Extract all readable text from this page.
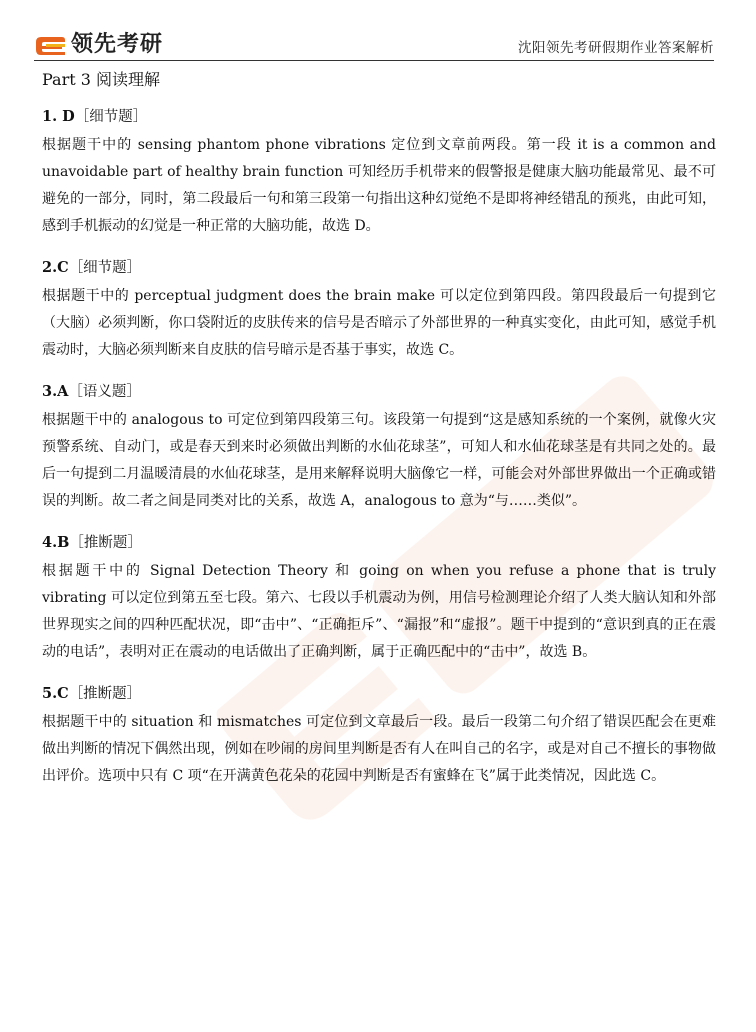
领先考研	沈阳领先考研假期作业答案解析
Part 3 阅读理解
1. D［细节题］
根据题干中的 sensing phantom phone vibrations 定位到文章前两段。第一段 it is a common and unavoidable part of healthy brain function 可知经历手机带来的假警报是健康大脑功能最常见、最不可避免的一部分，同时，第二段最后一句和第三段第一句指出这种幻觉绝不是即将神经错乱的预兆，由此可知，感到手机振动的幻觉是一种正常的大脑功能，故选 D。
2.C［细节题］
根据题干中的 perceptual judgment does the brain make 可以定位到第四段。第四段最后一句提到它（大脑）必须判断，你口袋附近的皮肤传来的信号是否暗示了外部世界的一种真实变化，由此可知，感觉手机震动时，大脑必须判断来自皮肤的信号暗示是否基于事实，故选 C。
3.A［语义题］
根据题干中的 analogous to 可定位到第四段第三句。该段第一句提到“这是感知系统的一个案例，就像火灾预警系统、自动门，或是春天到来时必须做出判断的水仙花球茎”，可知人和水仙花球茎是有共同之处的。最后一句提到二月温暖清晨的水仙花球茎，是用来解释说明大脑像它一样，可能会对外部世界做出一个正确或错误的判断。故二者之间是同类对比的关系，故选 A，analogous to 意为“与……类似”。
4.B［推断题］
根据题干中的 Signal Detection Theory 和 going on when you refuse a phone that is truly vibrating 可以定位到第五至七段。第六、七段以手机震动为例，用信号检测理论介绍了人类大脑认知和外部世界现实之间的四种匹配状况，即“击中”、“正确拒斥”、“漏报”和“虚报”。题干中提到的“意识到真的正在震动的电话”，表明对正在震动的电话做出了正确判断，属于正确匹配中的“击中”，故选 B。
5.C［推断题］
根据题干中的 situation 和 mismatches 可定位到文章最后一段。最后一段第二句介绍了错误匹配会在更难做出判断的情况下偶然出现，例如在吵闹的房间里判断是否有人在叫自己的名字，或是对自己不擅长的事物做出评价。选项中只有 C 项“在开满黄色花朵的花园中判断是否有蜜蜂在飞”属于此类情况，因此选 C。
